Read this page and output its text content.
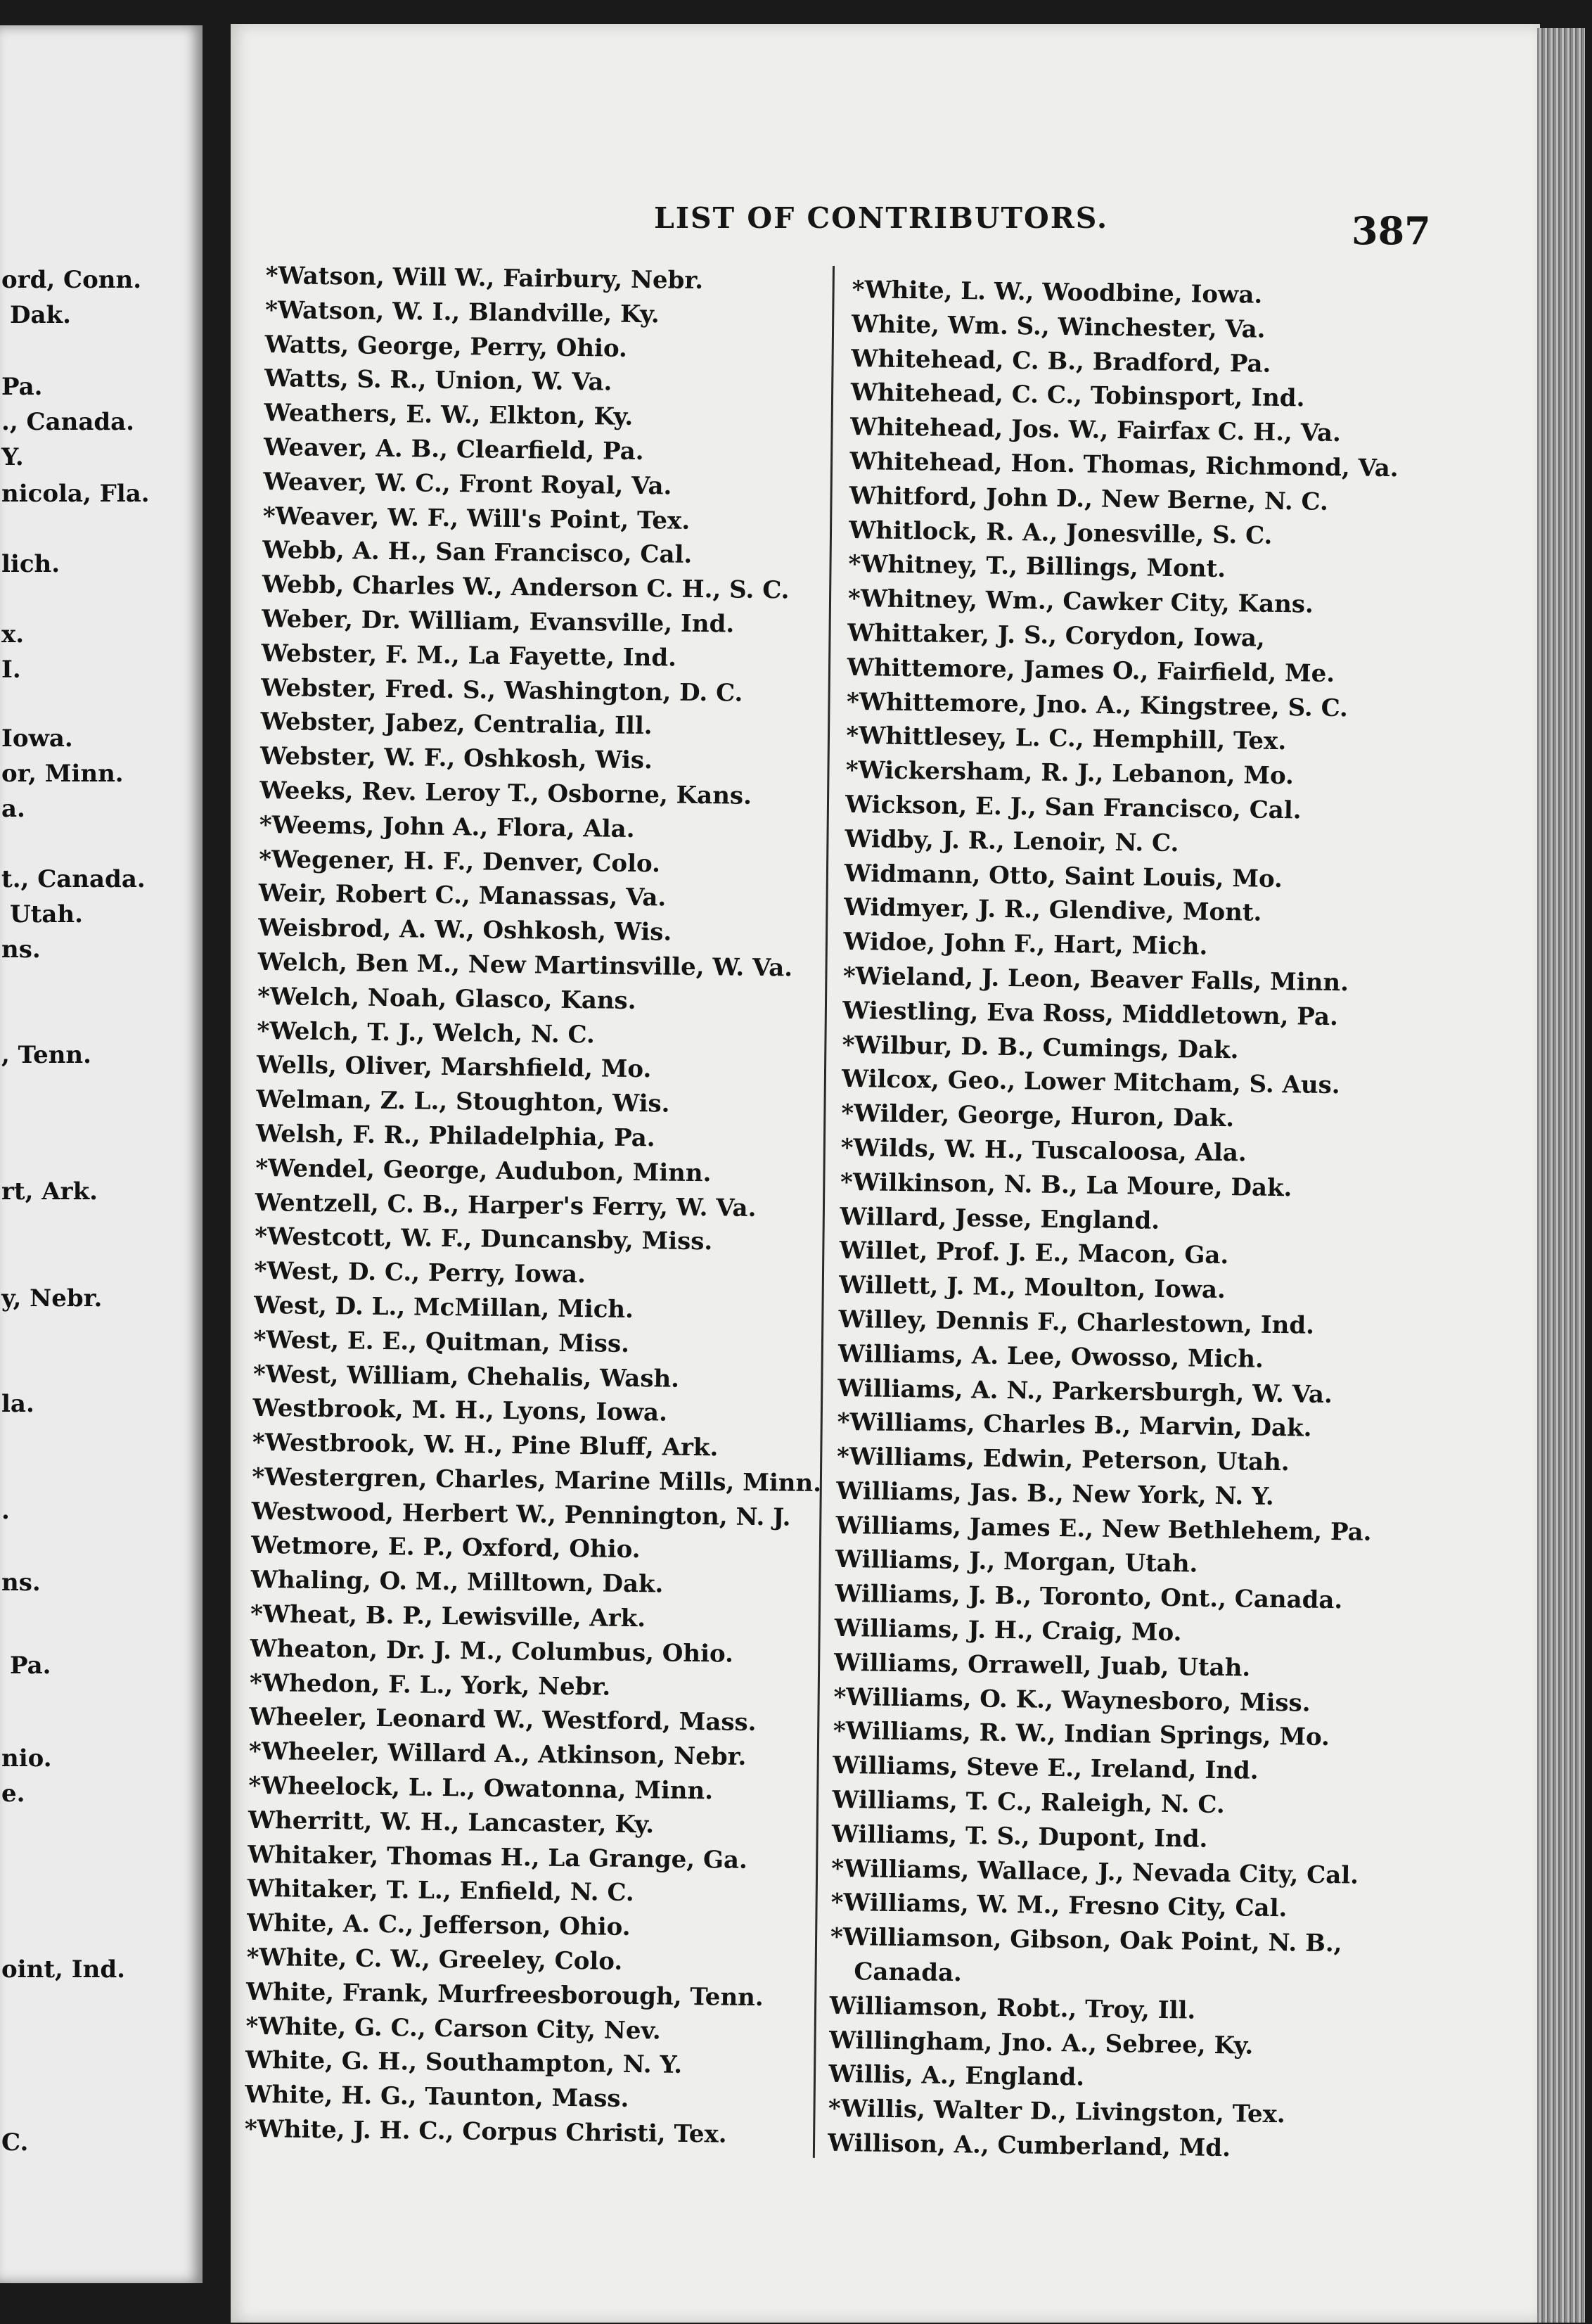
ord, Conn.
Dak.
Pa.
., Canada.
Y.
nicola, Fla.
lich.
x.
I.
Iowa.
or, Minn.
a.
t., Canada.
Utah.
ns.
, Tenn.
rt, Ark.
y, Nebr.
la.
.
ns.
Pa.
nio.
e.
oint, Ind.
C.
LIST OF CONTRIBUTORS.	387
*Watson, Will W., Fairbury, Nebr.
*Watson, W. I., Blandville, Ky.
Watts, George, Perry, Ohio.
Watts, S. R., Union, W. Va.
Weathers, E. W., Elkton, Ky.
Weaver, A. B., Clearfield, Pa.
Weaver, W. C., Front Royal, Va.
*Weaver, W. F., Will's Point, Tex.
Webb, A. H., San Francisco, Cal.
Webb, Charles W., Anderson C. H., S. C.
Weber, Dr. William, Evansville, Ind.
Webster, F. M., La Fayette, Ind.
Webster, Fred. S., Washington, D. C.
Webster, Jabez, Centralia, Ill.
Webster, W. F., Oshkosh, Wis.
Weeks, Rev. Leroy T., Osborne, Kans.
*Weems, John A., Flora, Ala.
*Wegener, H. F., Denver, Colo.
Weir, Robert C., Manassas, Va.
Weisbrod, A. W., Oshkosh, Wis.
Welch, Ben M., New Martinsville, W. Va.
*Welch, Noah, Glasco, Kans.
*Welch, T. J., Welch, N. C.
Wells, Oliver, Marshfield, Mo.
Welman, Z. L., Stoughton, Wis.
Welsh, F. R., Philadelphia, Pa.
*Wendel, George, Audubon, Minn.
Wentzell, C. B., Harper's Ferry, W. Va.
*Westcott, W. F., Duncansby, Miss.
*West, D. C., Perry, Iowa.
West, D. L., McMillan, Mich.
*West, E. E., Quitman, Miss.
*West, William, Chehalis, Wash.
Westbrook, M. H., Lyons, Iowa.
*Westbrook, W. H., Pine Bluff, Ark.
*Westergren, Charles, Marine Mills, Minn.
Westwood, Herbert W., Pennington, N. J.
Wetmore, E. P., Oxford, Ohio.
Whaling, O. M., Milltown, Dak.
*Wheat, B. P., Lewisville, Ark.
Wheaton, Dr. J. M., Columbus, Ohio.
*Whedon, F. L., York, Nebr.
Wheeler, Leonard W., Westford, Mass.
*Wheeler, Willard A., Atkinson, Nebr.
*Wheelock, L. L., Owatonna, Minn.
Wherritt, W. H., Lancaster, Ky.
Whitaker, Thomas H., La Grange, Ga.
Whitaker, T. L., Enfield, N. C.
White, A. C., Jefferson, Ohio.
*White, C. W., Greeley, Colo.
White, Frank, Murfreesborough, Tenn.
*White, G. C., Carson City, Nev.
White, G. H., Southampton, N. Y.
White, H. G., Taunton, Mass.
*White, J. H. C., Corpus Christi, Tex.
*White, L. W., Woodbine, Iowa.
White, Wm. S., Winchester, Va.
Whitehead, C. B., Bradford, Pa.
Whitehead, C. C., Tobinsport, Ind.
Whitehead, Jos. W., Fairfax C. H., Va.
Whitehead, Hon. Thomas, Richmond, Va.
Whitford, John D., New Berne, N. C.
Whitlock, R. A., Jonesville, S. C.
*Whitney, T., Billings, Mont.
*Whitney, Wm., Cawker City, Kans.
Whittaker, J. S., Corydon, Iowa,
Whittemore, James O., Fairfield, Me.
*Whittemore, Jno. A., Kingstree, S. C.
*Whittlesey, L. C., Hemphill, Tex.
*Wickersham, R. J., Lebanon, Mo.
Wickson, E. J., San Francisco, Cal.
Widby, J. R., Lenoir, N. C.
Widmann, Otto, Saint Louis, Mo.
Widmyer, J. R., Glendive, Mont.
Widoe, John F., Hart, Mich.
*Wieland, J. Leon, Beaver Falls, Minn.
Wiestling, Eva Ross, Middletown, Pa.
*Wilbur, D. B., Cumings, Dak.
Wilcox, Geo., Lower Mitcham, S. Aus.
*Wilder, George, Huron, Dak.
*Wilds, W. H., Tuscaloosa, Ala.
*Wilkinson, N. B., La Moure, Dak.
Willard, Jesse, England.
Willet, Prof. J. E., Macon, Ga.
Willett, J. M., Moulton, Iowa.
Willey, Dennis F., Charlestown, Ind.
Williams, A. Lee, Owosso, Mich.
Williams, A. N., Parkersburgh, W. Va.
*Williams, Charles B., Marvin, Dak.
*Williams, Edwin, Peterson, Utah.
Williams, Jas. B., New York, N. Y.
Williams, James E., New Bethlehem, Pa.
Williams, J., Morgan, Utah.
Williams, J. B., Toronto, Ont., Canada.
Williams, J. H., Craig, Mo.
Williams, Orrawell, Juab, Utah.
*Williams, O. K., Waynesboro, Miss.
*Williams, R. W., Indian Springs, Mo.
Williams, Steve E., Ireland, Ind.
Williams, T. C., Raleigh, N. C.
Williams, T. S., Dupont, Ind.
*Williams, Wallace, J., Nevada City, Cal.
*Williams, W. M., Fresno City, Cal.
*Williamson, Gibson, Oak Point, N. B.,
Canada.
Williamson, Robt., Troy, Ill.
Willingham, Jno. A., Sebree, Ky.
Willis, A., England.
*Willis, Walter D., Livingston, Tex.
Willison, A., Cumberland, Md.
